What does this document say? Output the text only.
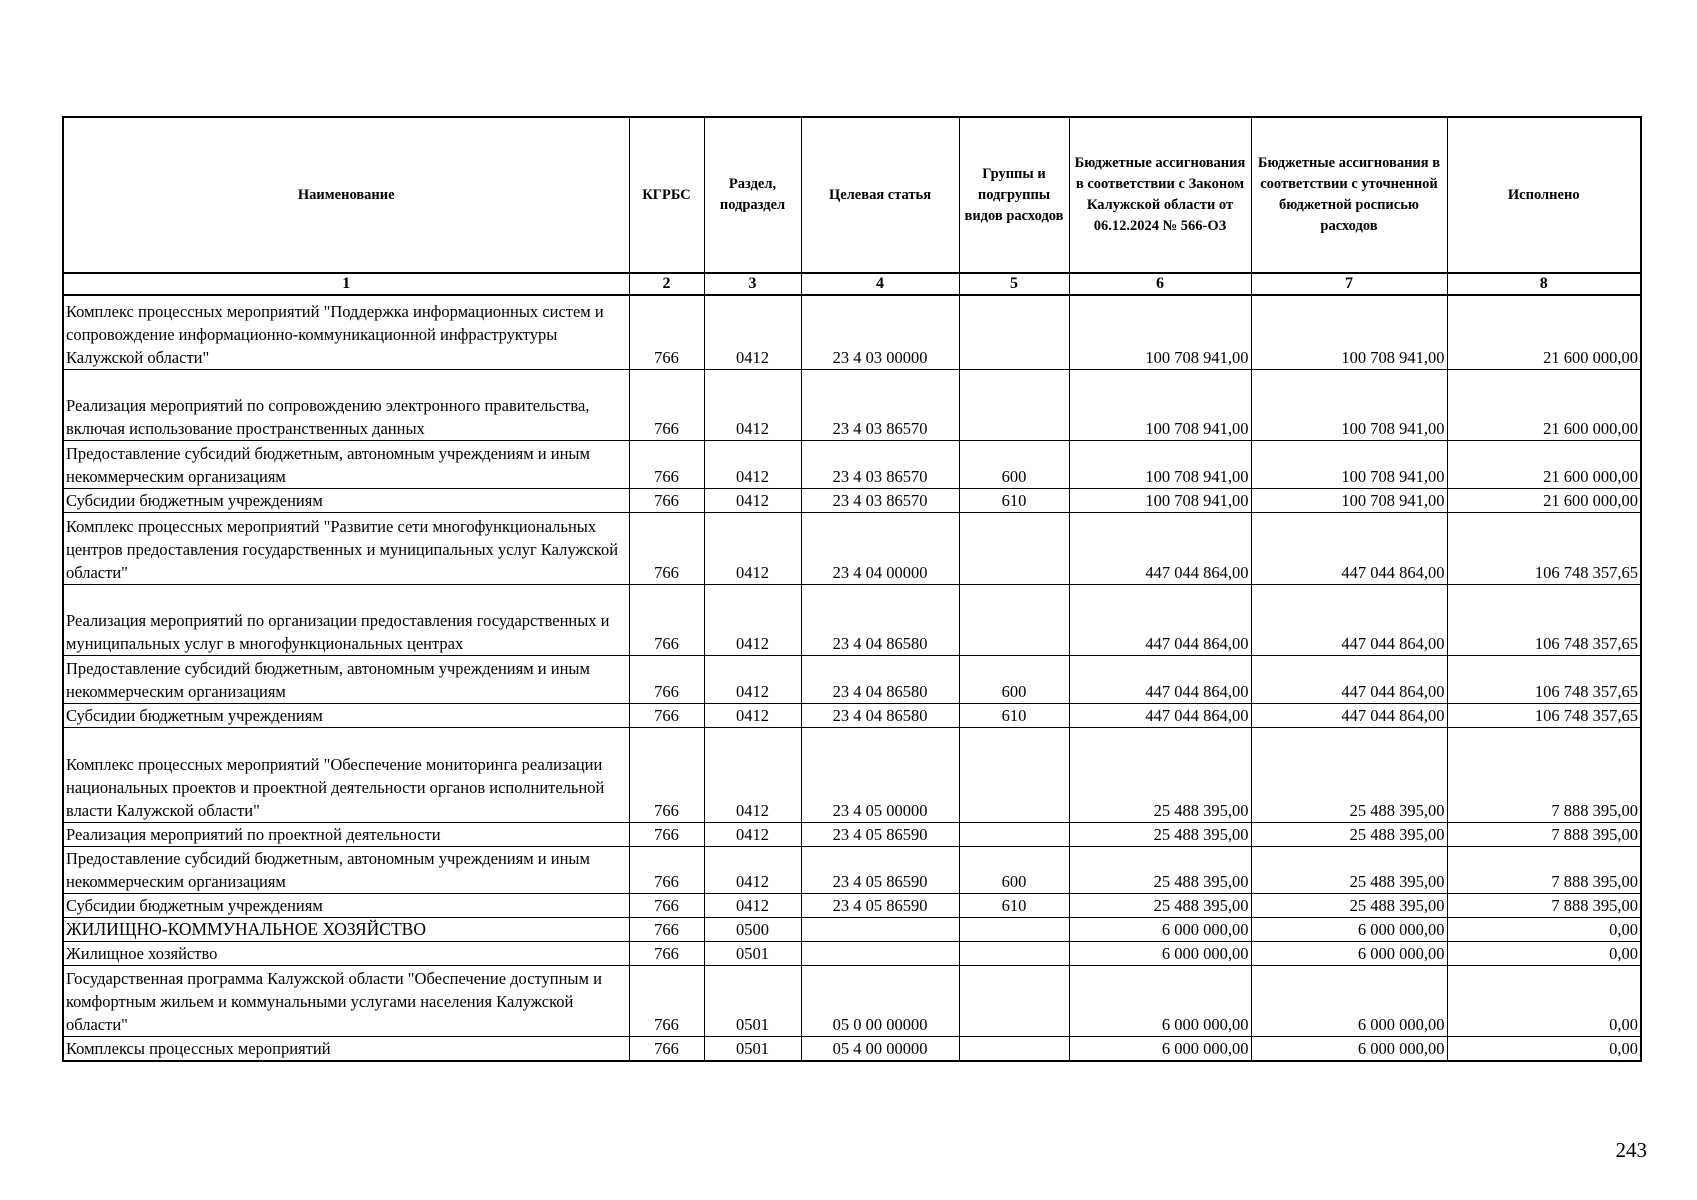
Наименование	КГРБС	Раздел, подраздел	Целевая статья	Группы и подгруппы видов расходов	Бюджетные ассигнования в соответствии с Законом Калужской области от 06.12.2024 № 566-ОЗ	Бюджетные ассигнования в соответствии с уточненной бюджетной росписью расходов	Исполнено
1	2	3	4	5	6	7	8
Комплекс процессных мероприятий "Поддержка информационных систем и сопровождение информационно-коммуникационной инфраструктуры Калужской области"	766	0412	23 4 03 00000		100 708 941,00	100 708 941,00	21 600 000,00
Реализация мероприятий по сопровождению электронного правительства, включая использование пространственных данных	766	0412	23 4 03 86570		100 708 941,00	100 708 941,00	21 600 000,00
Предоставление субсидий бюджетным, автономным учреждениям и иным некоммерческим организациям	766	0412	23 4 03 86570	600	100 708 941,00	100 708 941,00	21 600 000,00
Субсидии бюджетным учреждениям	766	0412	23 4 03 86570	610	100 708 941,00	100 708 941,00	21 600 000,00
Комплекс процессных мероприятий "Развитие сети многофункциональных центров предоставления государственных и муниципальных услуг Калужской области"	766	0412	23 4 04 00000		447 044 864,00	447 044 864,00	106 748 357,65
Реализация мероприятий по организации предоставления государственных и муниципальных услуг в многофункциональных центрах	766	0412	23 4 04 86580		447 044 864,00	447 044 864,00	106 748 357,65
Предоставление субсидий бюджетным, автономным учреждениям и иным некоммерческим организациям	766	0412	23 4 04 86580	600	447 044 864,00	447 044 864,00	106 748 357,65
Субсидии бюджетным учреждениям	766	0412	23 4 04 86580	610	447 044 864,00	447 044 864,00	106 748 357,65
Комплекс процессных мероприятий "Обеспечение мониторинга реализации национальных проектов и проектной деятельности органов исполнительной власти Калужской области"	766	0412	23 4 05 00000		25 488 395,00	25 488 395,00	7 888 395,00
Реализация мероприятий по проектной деятельности	766	0412	23 4 05 86590		25 488 395,00	25 488 395,00	7 888 395,00
Предоставление субсидий бюджетным, автономным учреждениям и иным некоммерческим организациям	766	0412	23 4 05 86590	600	25 488 395,00	25 488 395,00	7 888 395,00
Субсидии бюджетным учреждениям	766	0412	23 4 05 86590	610	25 488 395,00	25 488 395,00	7 888 395,00
ЖИЛИЩНО-КОММУНАЛЬНОЕ ХОЗЯЙСТВО	766	0500			6 000 000,00	6 000 000,00	0,00
Жилищное хозяйство	766	0501			6 000 000,00	6 000 000,00	0,00
Государственная программа Калужской области "Обеспечение доступным и комфортным жильем и коммунальными услугами населения Калужской области"	766	0501	05 0 00 00000		6 000 000,00	6 000 000,00	0,00
Комплексы процессных мероприятий	766	0501	05 4 00 00000		6 000 000,00	6 000 000,00	0,00
243
